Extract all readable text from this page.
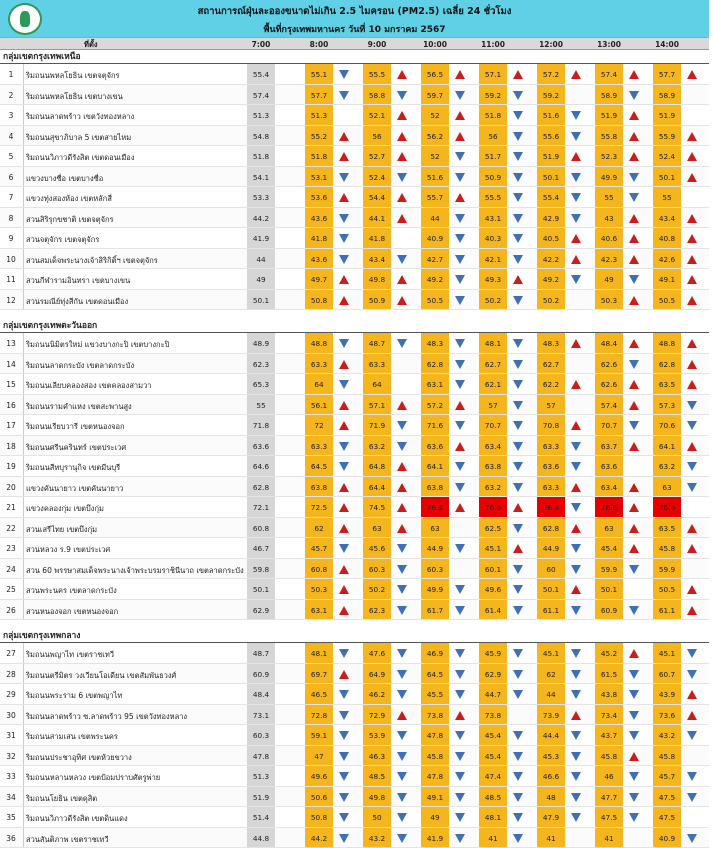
สถานการณ์ฝุ่นละอองขนาดไม่เกิน 2.5 ไมครอน (PM2.5) เฉลี่ย 24 ชั่วโมง
พื้นที่กรุงเทพมหานคร วันที่ 10 มกราคม 2567
ที่ตั้ง	7:00	8:00	9:00	10:00	11:00	12:00	13:00	14:00
กลุ่มเขตกรุงเทพเหนือ
1	ริมถนนพหลโยธิน เขตจตุจักร	55.4	55.1	55.5	56.5	57.1	57.2	57.4	57.7
2	ริมถนนพหลโยธิน เขตบางเขน	57.4	57.7	58.8	59.7	59.2	59.2	58.9	58.9
3	ริมถนนลาดพร้าว เขตวังทองหลาง	51.3	51.3	52.1	52	51.8	51.6	51.9	51.9
4	ริมถนนสุขาภิบาล 5 เขตสายไหม	54.8	55.2	56	56.2	56	55.6	55.8	55.9
5	ริมถนนวิภาวดีรังสิต เขตดอนเมือง	51.8	51.8	52.7	52	51.7	51.9	52.3	52.4
6	แขวงบางซื่อ เขตบางซื่อ	54.1	53.1	52.4	51.6	50.9	50.1	49.9	50.1
7	แขวงทุ่งสองห้อง เขตหลักสี่	53.3	53.6	54.4	55.7	55.5	55.4	55	55
8	สวนสิริรุกขชาติ เขตจตุจักร	44.2	43.6	44.1	44	43.1	42.9	43	43.4
9	สวนจตุจักร เขตจตุจักร	41.9	41.8	41.8	40.9	40.3	40.5	40.6	40.8
10	สวนสมเด็จพระนางเจ้าสิริกิติ์ฯ เขตจตุจักร	44	43.6	43.4	42.7	42.1	42.2	42.3	42.6
11	สวนกีฬารามอินทรา เขตบางเขน	49	49.7	49.8	49.2	49.3	49.2	49	49.1
12	สวนรมณีย์ทุ่งสีกัน เขตดอนเมือง	50.1	50.8	50.9	50.5	50.2	50.2	50.3	50.5
กลุ่มเขตกรุงเทพตะวันออก
13	ริมถนนนิมิตรใหม่ แขวงบางกะปิ เขตบางกะปิ	48.9	48.8	48.7	48.3	48.1	48.3	48.4	48.8
14	ริมถนนลาดกระบัง เขตลาดกระบัง	62.3	63.3	63.3	62.8	62.7	62.7	62.6	62.8
15	ริมถนนเลียบคลองสอง เขตคลองสามวา	65.3	64	64	63.1	62.1	62.2	62.6	63.5
16	ริมถนนรามคำแหง เขตสะพานสูง	55	56.1	57.1	57.2	57	57	57.4	57.3
17	ริมถนนเรียบวารี เขตหนองจอก	71.8	72	71.9	71.6	70.7	70.8	70.7	70.6
18	ริมถนนศรีนครินทร์ เขตประเวศ	63.6	63.3	63.2	63.6	63.4	63.3	63.7	64.1
19	ริมถนนสีหบุรานุกิจ เขตมีนบุรี	64.6	64.5	64.8	64.1	63.8	63.6	63.6	63.2
20	แขวงคันนายาว เขตคันนายาว	62.8	63.8	64.4	63.8	63.2	63.3	63.4	63
21	แขวงคลองกุ่ม เขตบึงกุ่ม	72.1	72.5	74.5	76.1	76.5	76.4	76.6	76.6
22	สวนเสรีไทย เขตบึงกุ่ม	60.8	62	63	63	62.5	62.8	63	63.5
23	สวนหลวง ร.9 เขตประเวศ	46.7	45.7	45.6	44.9	45.1	44.9	45.4	45.8
24	สวน 60 พรรษาสมเด็จพระนางเจ้าพระบรมราชินีนาถ เขตลาดกระบัง	59.8	60.8	60.3	60.3	60.1	60	59.9	59.9
25	สวนพระนคร เขตลาดกระบัง	50.1	50.3	50.2	49.9	49.6	50.1	50.1	50.5
26	สวนหนองจอก เขตหนองจอก	62.9	63.1	62.3	61.7	61.4	61.1	60.9	61.1
กลุ่มเขตกรุงเทพกลาง
27	ริมถนนพญาไท เขตราชเทวี	48.7	48.1	47.6	46.9	45.9	45.1	45.2	45.1
28	ริมถนนตรีมิตร วงเวียนโอเดียน เขตสัมพันธวงศ์	60.9	69.7	64.9	64.5	62.9	62	61.5	60.7
29	ริมถนนพระราม 6 เขตพญาไท	48.4	46.5	46.2	45.5	44.7	44	43.8	43.9
30	ริมถนนลาดพร้าว ซ.ลาดพร้าว 95 เขตวังทองหลาง	73.1	72.8	72.9	73.8	73.8	73.9	73.4	73.6
31	ริมถนนสามเสน เขตพระนคร	60.3	59.1	53.9	47.8	45.4	44.4	43.7	43.2
32	ริมถนนประชาอุทิศ เขตห้วยขวาง	47.8	47	46.3	45.8	45.4	45.3	45.8	45.8
33	ริมถนนหลานหลวง เขตป้อมปราบศัตรูพ่าย	51.3	49.6	48.5	47.8	47.4	46.6	46	45.7
34	ริมถนนโยธิน เขตดุสิต	51.9	50.6	49.8	49.1	48.5	48	47.7	47.5
35	ริมถนนวิภาวดีรังสิต เขตดินแดง	51.4	50.8	50	49	48.1	47.9	47.5	47.5
36	สวนสันติภาพ เขตราชเทวี	44.8	44.2	43.2	41.9	41	41	41	40.9
